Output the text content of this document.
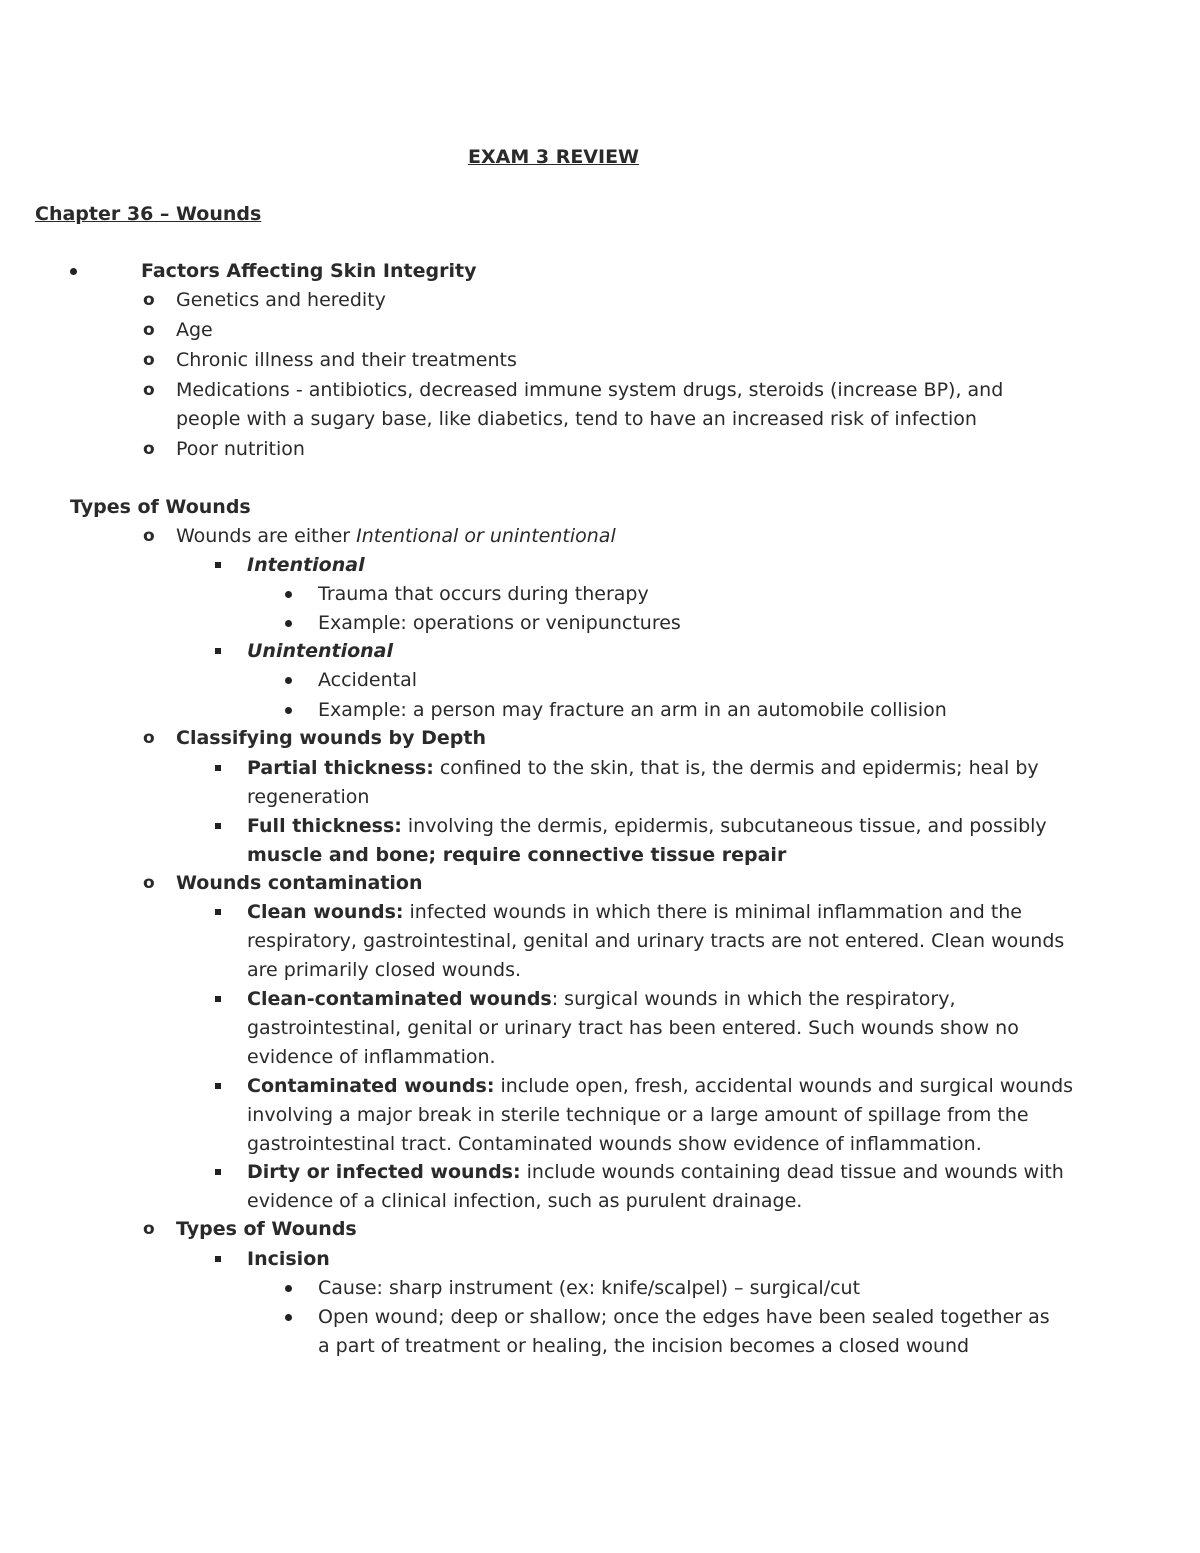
EXAM 3 REVIEW
Chapter 36 – Wounds
Factors Affecting Skin Integrity
o Genetics and heredity
o Age
o Chronic illness and their treatments
o Medications - antibiotics, decreased immune system drugs, steroids (increase BP), and
people with a sugary base, like diabetics, tend to have an increased risk of infection
o Poor nutrition
Types of Wounds
o Wounds are either Intentional or unintentional
Intentional
Trauma that occurs during therapy
Example: operations or venipunctures
Unintentional
Accidental
Example: a person may fracture an arm in an automobile collision
o Classifying wounds by Depth
Partial thickness: confined to the skin, that is, the dermis and epidermis; heal by
regeneration
Full thickness: involving the dermis, epidermis, subcutaneous tissue, and possibly
muscle and bone; require connective tissue repair
o Wounds contamination
Clean wounds: infected wounds in which there is minimal inflammation and the
respiratory, gastrointestinal, genital and urinary tracts are not entered. Clean wounds
are primarily closed wounds.
Clean-contaminated wounds: surgical wounds in which the respiratory,
gastrointestinal, genital or urinary tract has been entered. Such wounds show no
evidence of inflammation.
Contaminated wounds: include open, fresh, accidental wounds and surgical wounds
involving a major break in sterile technique or a large amount of spillage from the
gastrointestinal tract. Contaminated wounds show evidence of inflammation.
Dirty or infected wounds: include wounds containing dead tissue and wounds with
evidence of a clinical infection, such as purulent drainage.
o Types of Wounds
Incision
Cause: sharp instrument (ex: knife/scalpel) – surgical/cut
Open wound; deep or shallow; once the edges have been sealed together as
a part of treatment or healing, the incision becomes a closed wound
